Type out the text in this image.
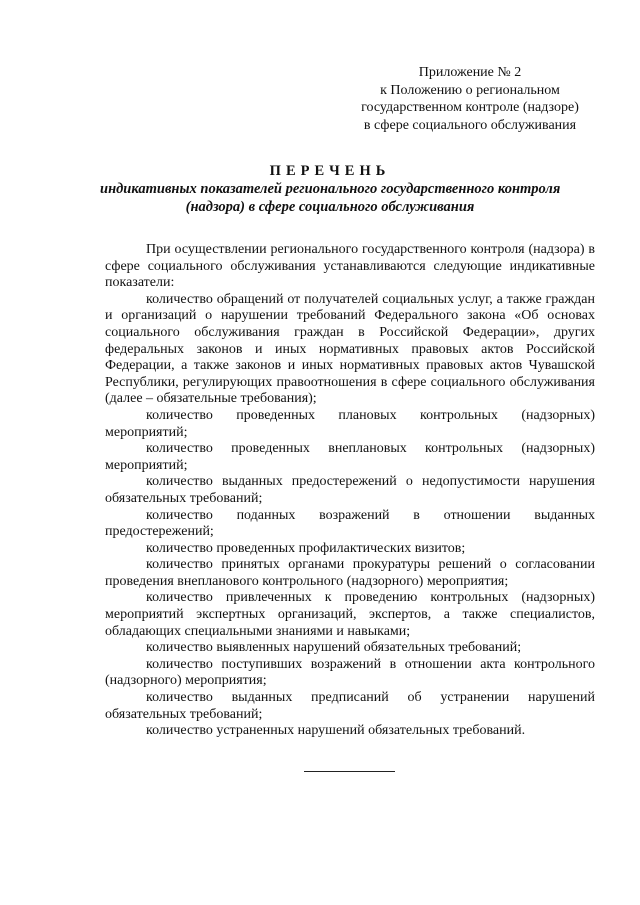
Приложение № 2
к Положению о региональном
государственном контроле (надзоре)
в сфере социального обслуживания
ПЕРЕЧЕНЬ
индикативных показателей регионального государственного контроля
(надзора) в сфере социального обслуживания

При осуществлении регионального государственного контроля (надзора) в сфере социального обслуживания устанавливаются следующие индикативные показатели:

количество обращений от получателей социальных услуг, а также граждан и организаций о нарушении требований Федерального закона «Об основах социального обслуживания граждан в Российской Федерации», других федеральных законов и иных нормативных правовых актов Российской Федерации, а также законов и иных нормативных правовых актов Чувашской Республики, регулирующих правоотношения в сфере социального обслуживания (далее – обязательные требования);

количество проведенных плановых контрольных (надзорных) мероприятий;

количество проведенных внеплановых контрольных (надзорных) мероприятий;

количество выданных предостережений о недопустимости нарушения обязательных требований;

количество поданных возражений в отношении выданных предостережений;

количество проведенных профилактических визитов;

количество принятых органами прокуратуры решений о согласовании проведения внепланового контрольного (надзорного) мероприятия;

количество привлеченных к проведению контрольных (надзорных) мероприятий экспертных организаций, экспертов, а также специалистов, обладающих специальными знаниями и навыками;

количество выявленных нарушений обязательных требований;

количество поступивших возражений в отношении акта контрольного (надзорного) мероприятия;

количество выданных предписаний об устранении нарушений обязательных требований;

количество устраненных нарушений обязательных требований.
